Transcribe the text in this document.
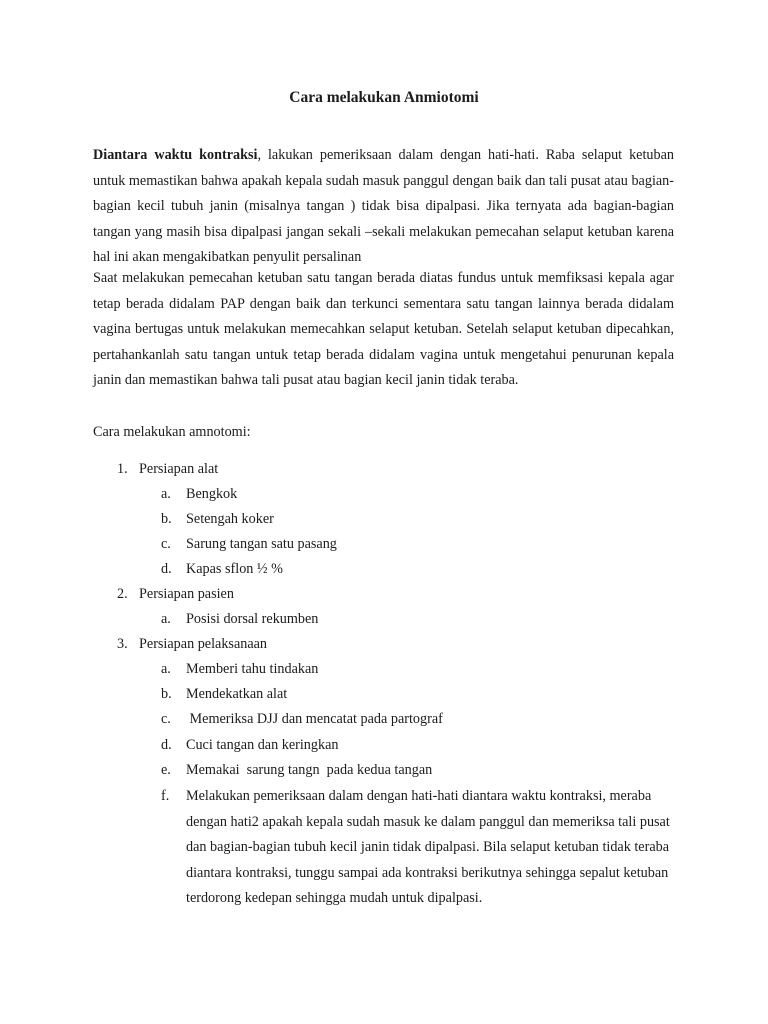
Cara melakukan Anmiotomi

Diantara waktu kontraksi, lakukan pemeriksaan dalam dengan hati-hati. Raba selaput ketuban untuk memastikan bahwa apakah kepala sudah masuk panggul dengan baik dan tali pusat atau bagian-bagian kecil tubuh janin (misalnya tangan ) tidak bisa dipalpasi. Jika ternyata ada bagian-bagian tangan yang masih bisa dipalpasi jangan sekali –sekali melakukan pemecahan selaput ketuban karena hal ini akan mengakibatkan penyulit persalinan

Saat melakukan pemecahan ketuban satu tangan berada diatas fundus untuk memfiksasi kepala agar tetap berada didalam PAP dengan baik dan terkunci sementara satu tangan lainnya berada didalam vagina bertugas untuk melakukan memecahkan selaput ketuban. Setelah selaput ketuban dipecahkan, pertahankanlah satu tangan untuk tetap berada didalam vagina untuk mengetahui penurunan kepala janin dan memastikan bahwa tali pusat atau bagian kecil janin tidak teraba.

Cara melakukan amnotomi:

1. Persiapan alat
a. Bengkok
b. Setengah koker
c. Sarung tangan satu pasang
d. Kapas sflon ½ %
2. Persiapan pasien
a. Posisi dorsal rekumben
3. Persiapan pelaksanaan
a. Memberi tahu tindakan
b. Mendekatkan alat
c. Memeriksa DJJ dan mencatat pada partograf
d. Cuci tangan dan keringkan
e. Memakai  sarung tangn  pada kedua tangan
f. Melakukan pemeriksaan dalam dengan hati-hati diantara waktu kontraksi, meraba dengan hati2 apakah kepala sudah masuk ke dalam panggul dan memeriksa tali pusat dan bagian-bagian tubuh kecil janin tidak dipalpasi. Bila selaput ketuban tidak teraba diantara kontraksi, tunggu sampai ada kontraksi berikutnya sehingga sepalut ketuban terdorong kedepan sehingga mudah untuk dipalpasi.
